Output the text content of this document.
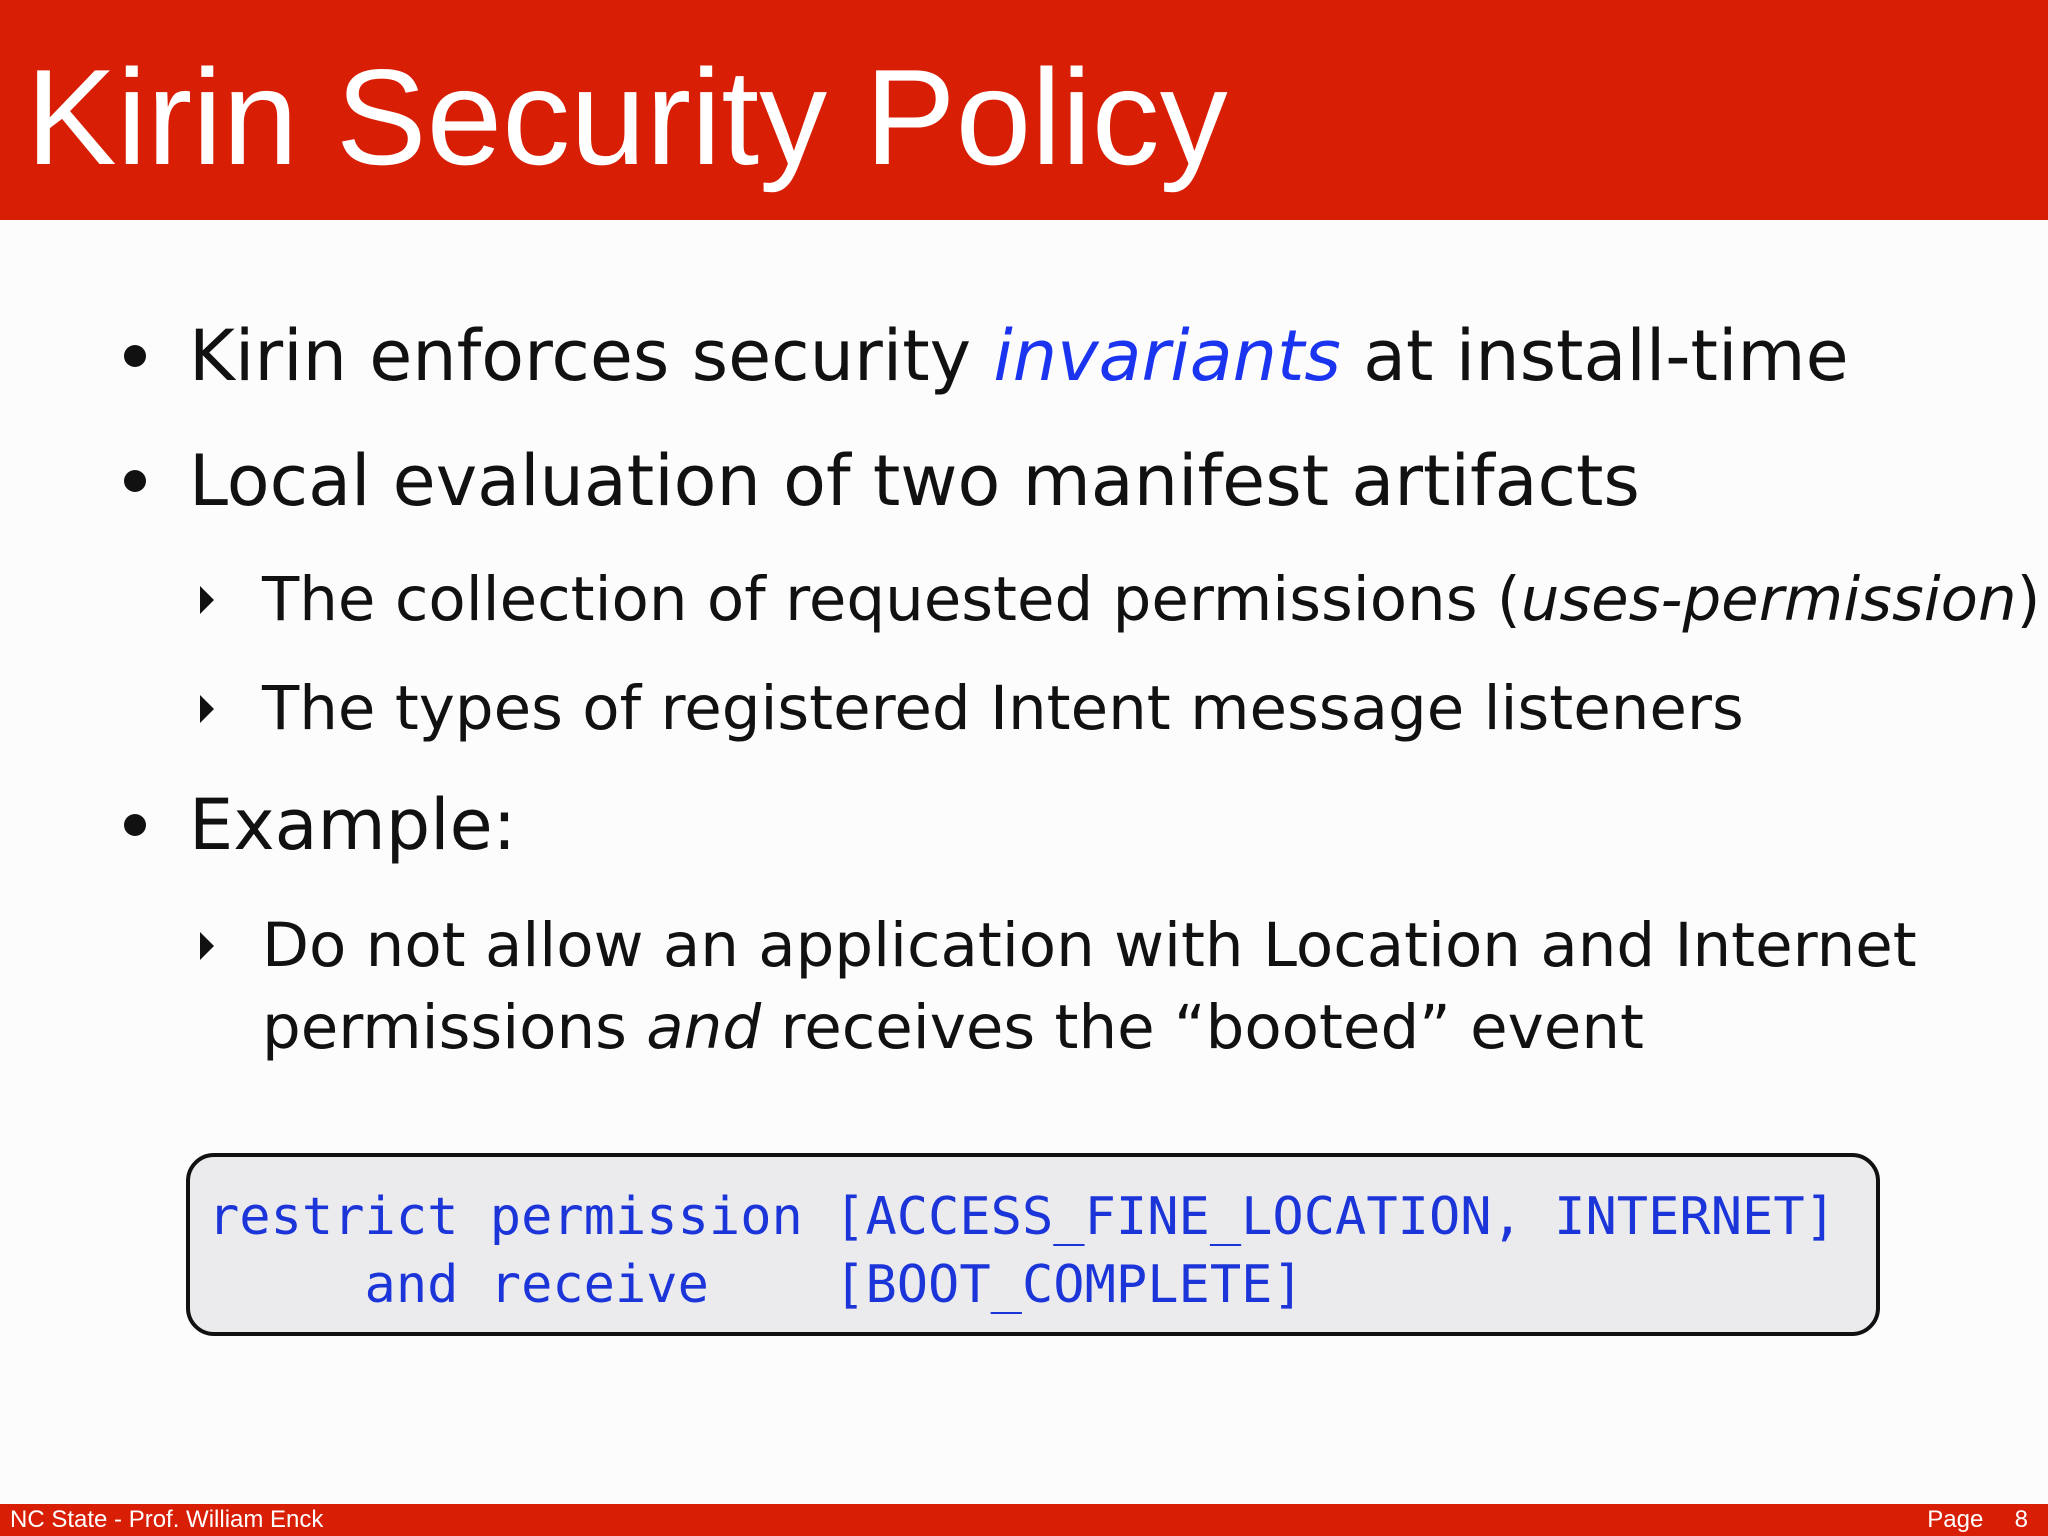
Kirin Security Policy
Kirin enforces security invariants at install-time
Local evaluation of two manifest artifacts
The collection of requested permissions (uses-permission)
The types of registered Intent message listeners
Example:
Do not allow an application with Location and Internet
permissions and receives the “booted” event
restrict permission [ACCESS_FINE_LOCATION, INTERNET]
and receive    [BOOT_COMPLETE]
NC State - Prof. William Enck	Page 8
